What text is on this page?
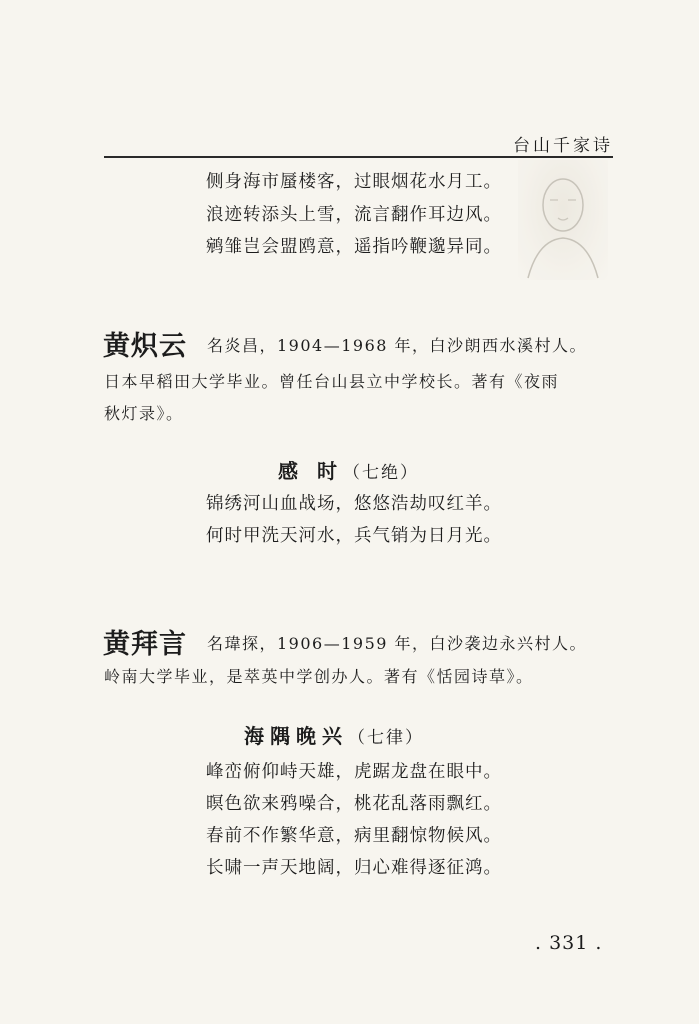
台山千家诗
侧身海市蜃楼客，过眼烟花水月工。
浪迹转添头上雪，流言翻作耳边风。
鹓雏岂会盟鸥意，遥指吟鞭邈异同。
黄炽云 名炎昌，1904—1968 年，白沙朗西水溪村人。
日本早稻田大学毕业。曾任台山县立中学校长。著有《夜雨
秋灯录》。
感 时（七绝）
锦绣河山血战场，悠悠浩劫叹红羊。
何时甲洗天河水，兵气销为日月光。
黄拜言 名瑋探，1906—1959 年，白沙袭边永兴村人。
岭南大学毕业，是萃英中学创办人。著有《恬园诗草》。
海隅晚兴（七律）
峰峦俯仰峙天雄，虎踞龙盘在眼中。
暝色欲来鸦噪合，桃花乱落雨飘红。
春前不作繁华意，病里翻惊物候风。
长啸一声天地阔，归心难得逐征鸿。
. 331 .
